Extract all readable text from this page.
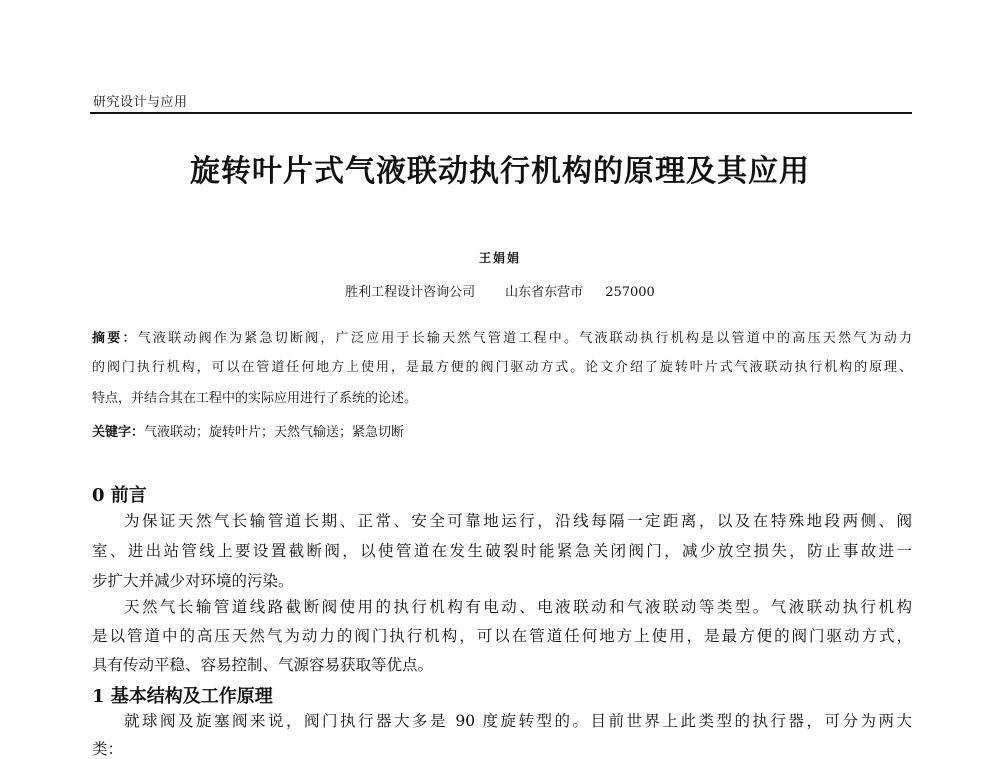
研究设计与应用
旋转叶片式气液联动执行机构的原理及其应用
王娟娟
胜利工程设计咨询公司 山东省东营市 257000
摘要：气液联动阀作为紧急切断阀，广泛应用于长输天然气管道工程中。气液联动执行机构是以管道中的高压天然气为动力
的阀门执行机构，可以在管道任何地方上使用，是最方便的阀门驱动方式。论文介绍了旋转叶片式气液联动执行机构的原理、
特点，并结合其在工程中的实际应用进行了系统的论述。
关键字：气液联动；旋转叶片；天然气输送；紧急切断
0 前言
为保证天然气长输管道长期、正常、安全可靠地运行，沿线每隔一定距离，以及在特殊地段两侧、阀
室、进出站管线上要设置截断阀，以使管道在发生破裂时能紧急关闭阀门，减少放空损失，防止事故进一
步扩大并减少对环境的污染。
天然气长输管道线路截断阀使用的执行机构有电动、电液联动和气液联动等类型。气液联动执行机构
是以管道中的高压天然气为动力的阀门执行机构，可以在管道任何地方上使用，是最方便的阀门驱动方式，
具有传动平稳、容易控制、气源容易获取等优点。
1 基本结构及工作原理
就球阀及旋塞阀来说，阀门执行器大多是 90 度旋转型的。目前世界上此类型的执行器，可分为两大
类：
